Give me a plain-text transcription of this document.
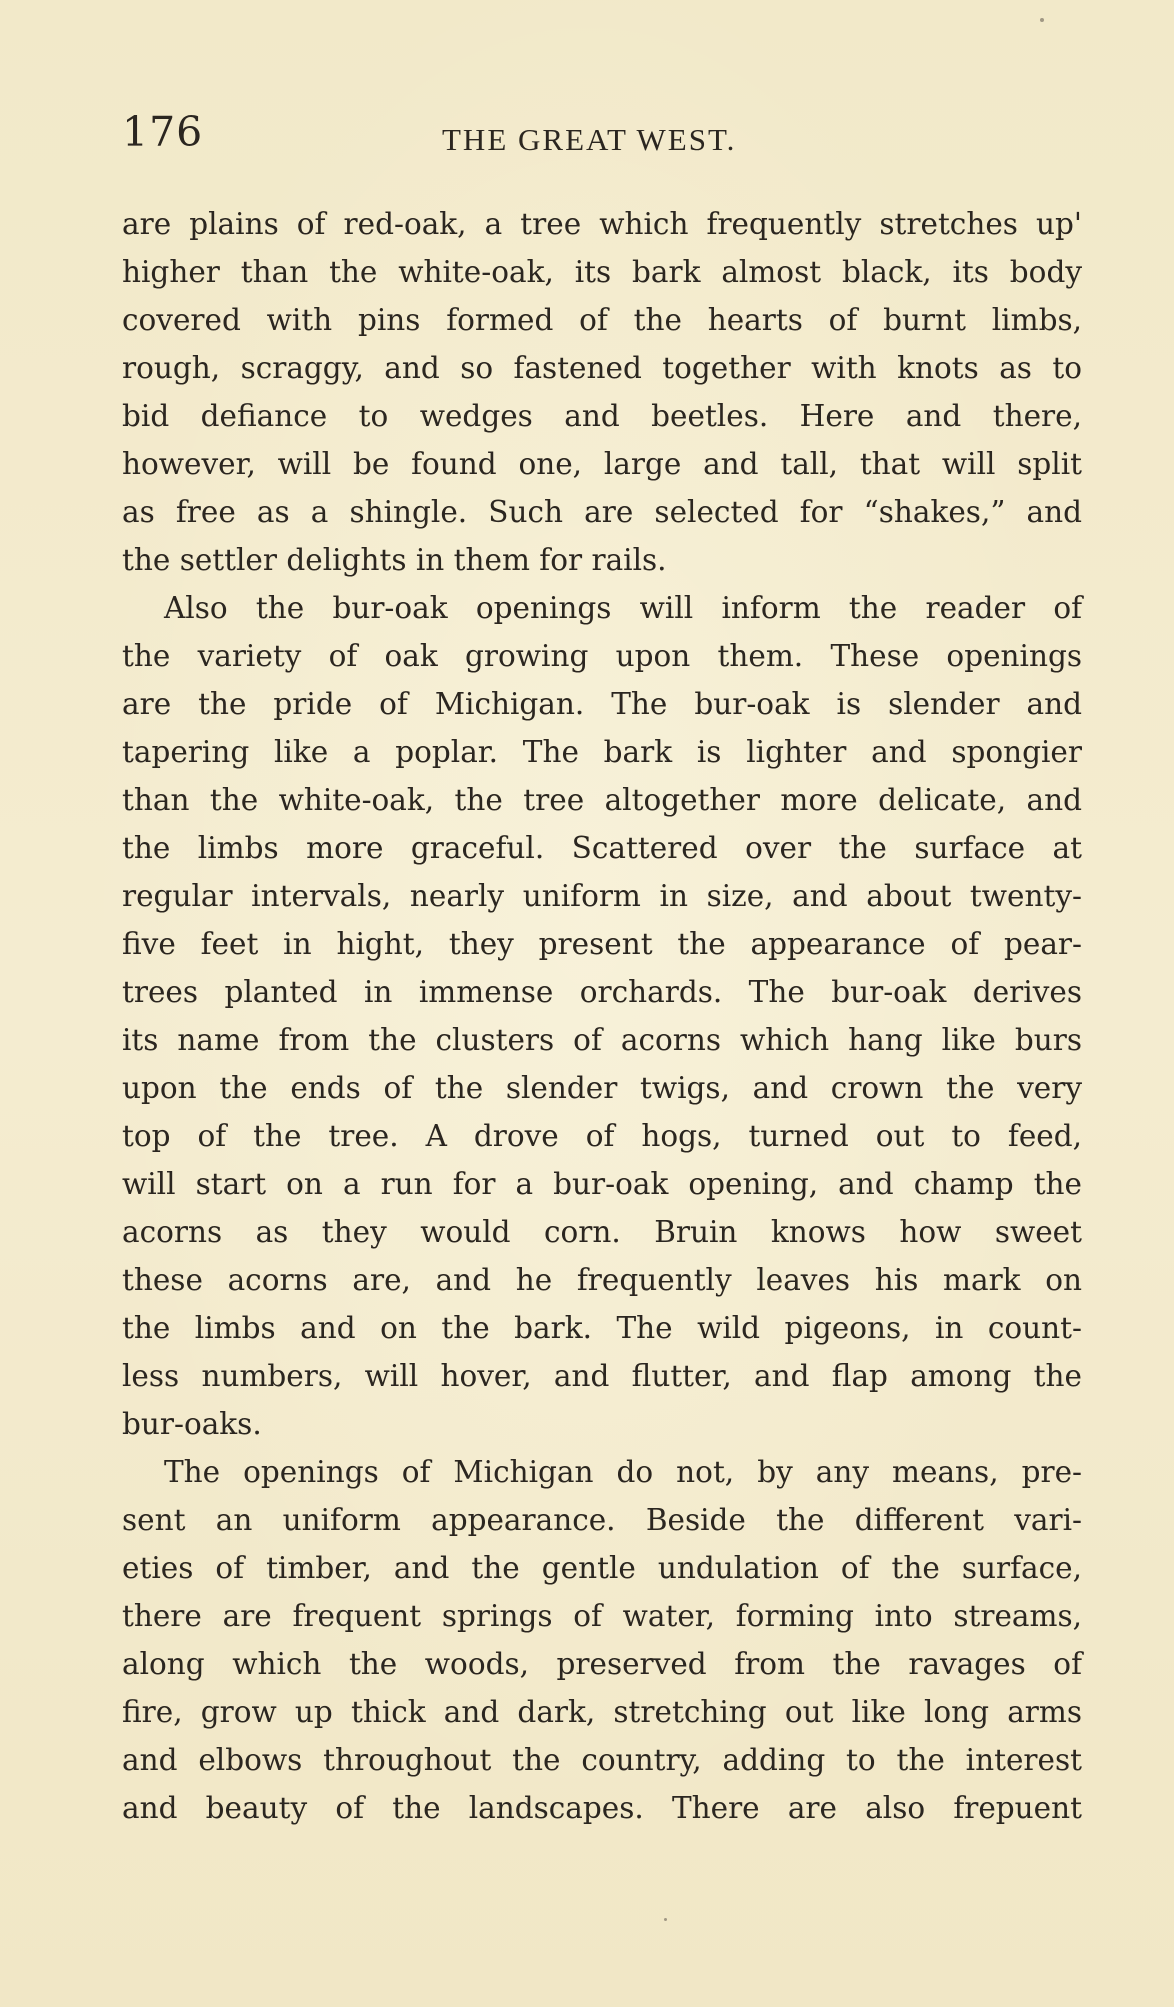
176	THE GREAT WEST.
are plains of red-oak, a tree which frequently stretches up'
higher than the white-oak, its bark almost black, its body
covered with pins formed of the hearts of burnt limbs,
rough, scraggy, and so fastened together with knots as to
bid defiance to wedges and beetles. Here and there,
however, will be found one, large and tall, that will split
as free as a shingle. Such are selected for “shakes,” and
the settler delights in them for rails.
Also the bur-oak openings will inform the reader of
the variety of oak growing upon them. These openings
are the pride of Michigan. The bur-oak is slender and
tapering like a poplar. The bark is lighter and spongier
than the white-oak, the tree altogether more delicate, and
the limbs more graceful. Scattered over the surface at
regular intervals, nearly uniform in size, and about twenty-
five feet in hight, they present the appearance of pear-
trees planted in immense orchards. The bur-oak derives
its name from the clusters of acorns which hang like burs
upon the ends of the slender twigs, and crown the very
top of the tree. A drove of hogs, turned out to feed,
will start on a run for a bur-oak opening, and champ the
acorns as they would corn. Bruin knows how sweet
these acorns are, and he frequently leaves his mark on
the limbs and on the bark. The wild pigeons, in count-
less numbers, will hover, and flutter, and flap among the
bur-oaks.
The openings of Michigan do not, by any means, pre-
sent an uniform appearance. Beside the different vari-
eties of timber, and the gentle undulation of the surface,
there are frequent springs of water, forming into streams,
along which the woods, preserved from the ravages of
fire, grow up thick and dark, stretching out like long arms
and elbows throughout the country, adding to the interest
and beauty of the landscapes. There are also frepuent
